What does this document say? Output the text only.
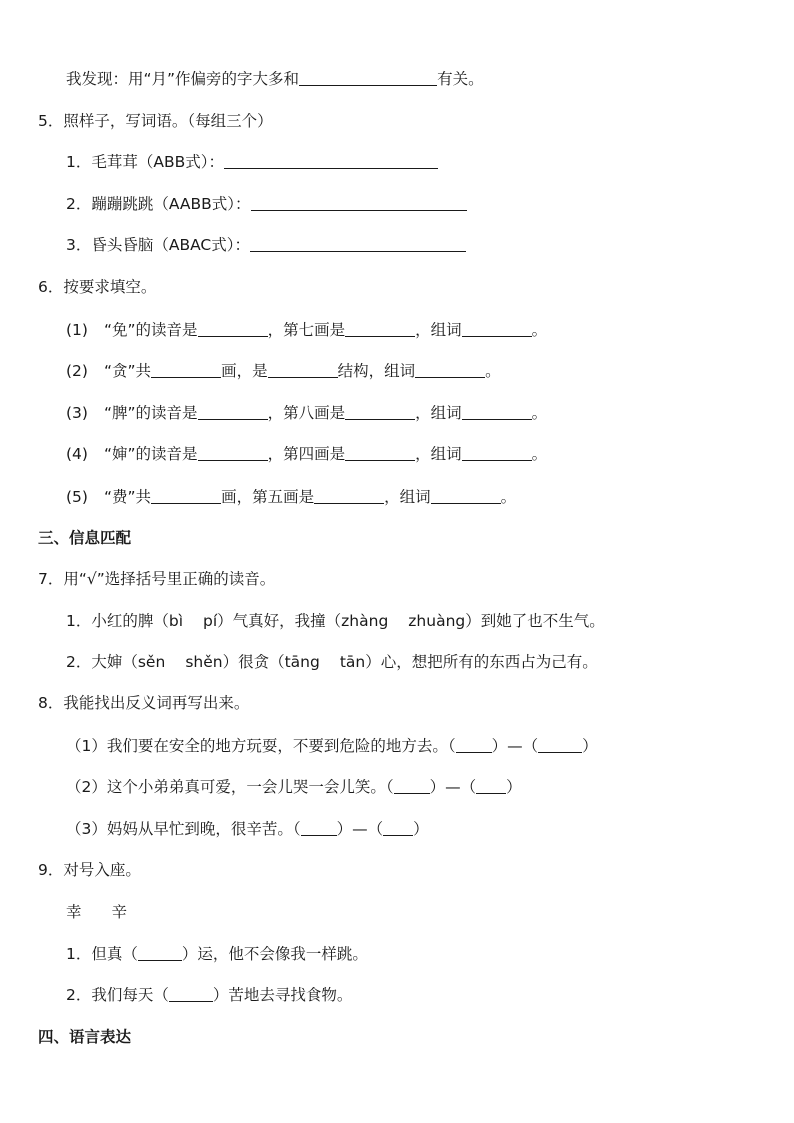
我发现：用“月”作偏旁的字大多和	有关。
5．照样子，写词语。（每组三个）
1．毛茸茸（ABB式）：
2．蹦蹦跳跳（AABB式）：
3．昏头昏脑（ABAC式）：
6．按要求填空。
(1) “免”的读音是	，第七画是	，组词	。
(2) “贪”共	画，是	结构，组词	。
(3) “脾”的读音是	，第八画是	，组词	。
(4) “婶”的读音是	，第四画是	，组词	。
(5) “费”共	画，第五画是	，组词	。
三、信息匹配
7．用“√”选择括号里正确的读音。
1．小红的脾（bì pí）气真好，我撞（zhàng zhuàng）到她了也不生气。
2．大婶（sěn shěn）很贪（tāng tān）心，想把所有的东西占为己有。
8．我能找出反义词再写出来。
（1）我们要在安全的地方玩耍，不要到危险的地方去。（ ）—（	）
（2）这个小弟弟真可爱，一会儿哭一会儿笑。（ ）—（ ）
（3）妈妈从早忙到晚，很辛苦。（ ）—（ ）
9．对号入座。
幸 辛
1．但真（	）运，他不会像我一样跳。
2．我们每天（	）苦地去寻找食物。
四、语言表达
